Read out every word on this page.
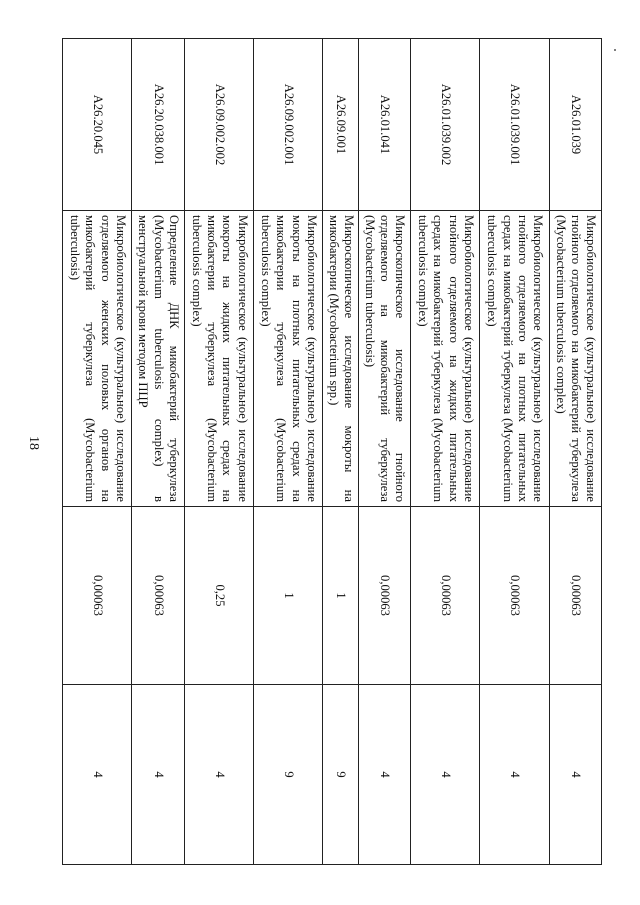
18
A26.01.039	Микробиологическое (культуральное) исследование гнойного отделяемого на микобактерий туберкулеза (Mycobacterium tuberculosis complex)	0,00063	4
A26.01.039.001	Микробиологическое (культуральное) исследование гнойного отделяемого на плотных питательных средах на микобактерий туберкулеза (Mycobacterium tuberculosis complex)	0,00063	4
A26.01.039.002	Микробиологическое (культуральное) исследование гнойного отделяемого на жидких питательных средах на микобактерий туберкулеза (Mycobacterium tuberculosis complex)	0,00063	4
A26.01.041	Микроскопическое исследование гнойного отделяемого на микобактерий туберкулеза (Mycobacterium tuberculosis)	0,00063	4
A26.09.001	Микроскопическое исследование мокроты на микобактерии (Mycobacterium spp.)	1	9
A26.09.002.001	Микробиологическое (культуральное) исследование мокроты на плотных питательных средах на микобактерии туберкулеза (Mycobacterium tuberculosis complex)	1	9
A26.09.002.002	Микробиологическое (культуральное) исследование мокроты на жидких питательных средах на микобактерии туберкулеза (Mycobacterium tuberculosis complex)	0,25	4
A26.20.038.001	Определение ДНК микобактерий туберкулеза (Mycobacterium tuberculosis complex) в менструальной крови методом ПЦР	0,00063	4
A26.20.045	Микробиологическое (культуральное) исследование отделяемого женских половых органов на микобактерий туберкулеза (Mycobacterium tuberculosis)	0,00063	4
